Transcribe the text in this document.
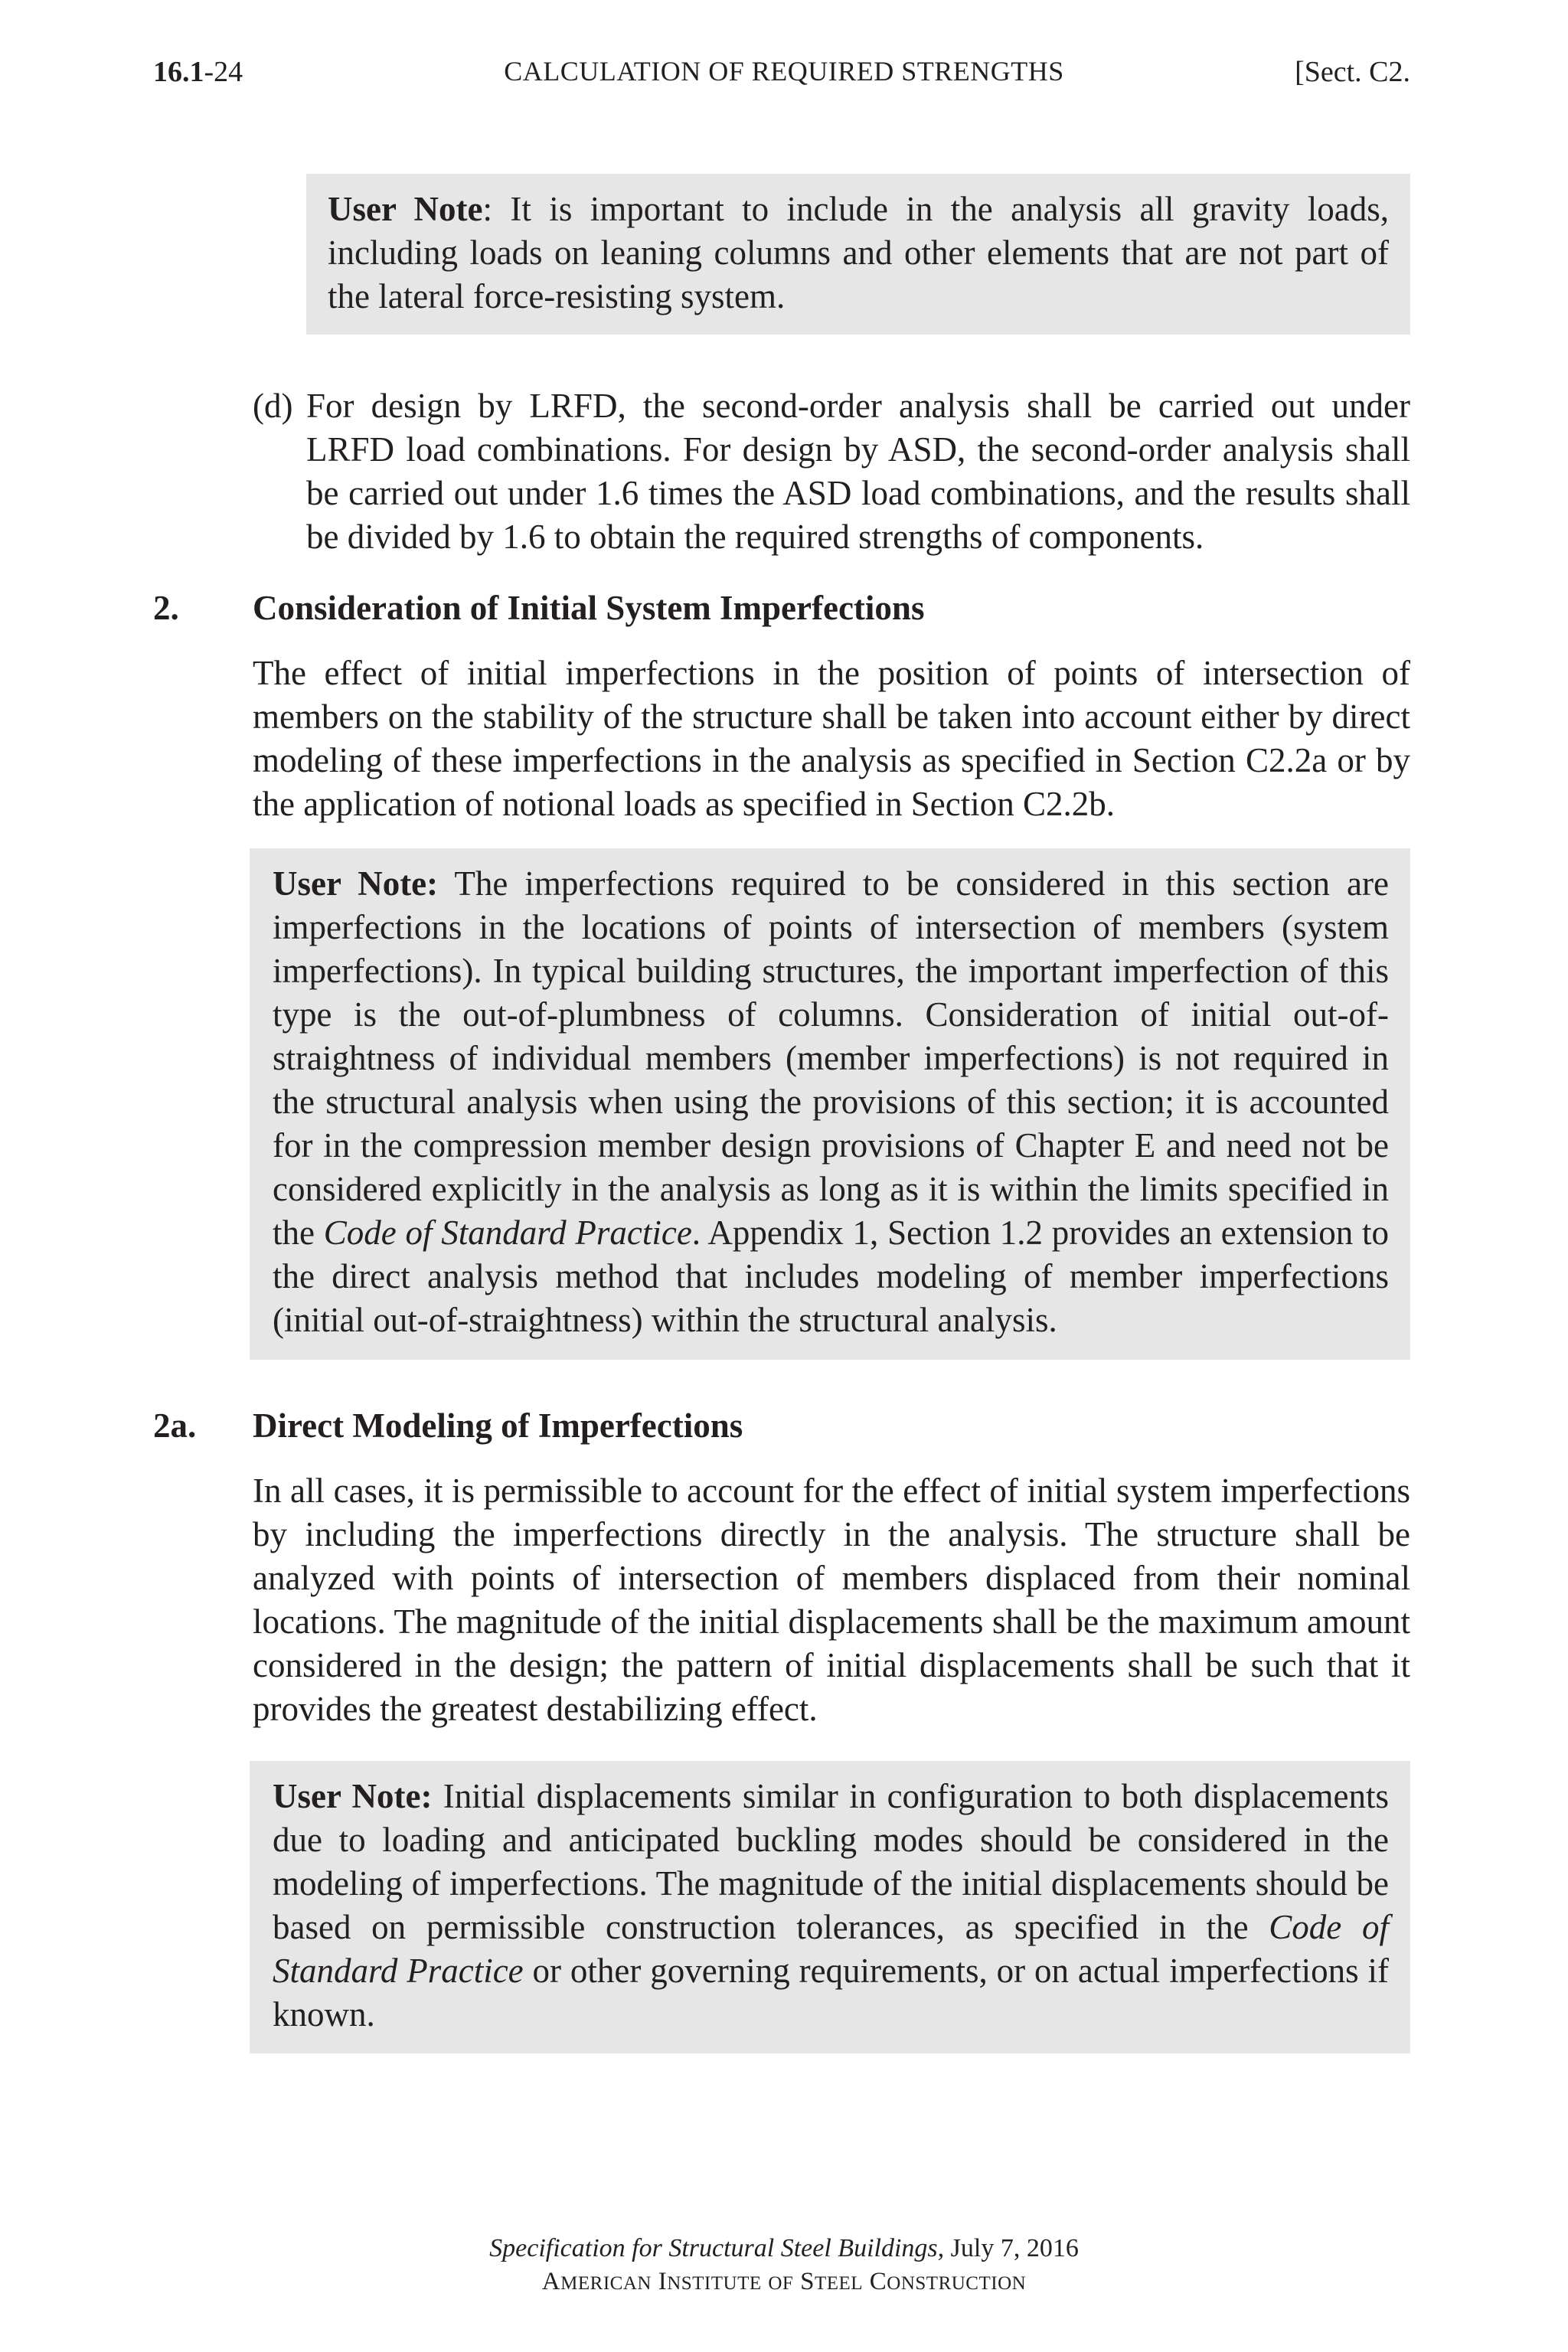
16.1-24	CALCULATION OF REQUIRED STRENGTHS	[Sect. C2.
User Note: It is important to include in the analysis all gravity loads, including loads on leaning columns and other elements that are not part of the lateral force-resisting system.
(d) For design by LRFD, the second-order analysis shall be carried out under LRFD load combinations. For design by ASD, the second-order analysis shall be carried out under 1.6 times the ASD load combinations, and the results shall be divided by 1.6 to obtain the required strengths of components.
2. Consideration of Initial System Imperfections
The effect of initial imperfections in the position of points of intersection of members on the stability of the structure shall be taken into account either by direct modeling of these imperfections in the analysis as specified in Section C2.2a or by the application of notional loads as specified in Section C2.2b.
User Note: The imperfections required to be considered in this section are imperfections in the locations of points of intersection of members (system imperfections). In typical building structures, the important imperfection of this type is the out-of-plumbness of columns. Consideration of initial out-of-straightness of individual members (member imperfections) is not required in the structural analysis when using the provisions of this section; it is accounted for in the compression member design provisions of Chapter E and need not be considered explicitly in the analysis as long as it is within the limits specified in the Code of Standard Practice. Appendix 1, Section 1.2 provides an extension to the direct analysis method that includes modeling of member imperfections (initial out-of-straightness) within the structural analysis.
2a. Direct Modeling of Imperfections
In all cases, it is permissible to account for the effect of initial system imperfections by including the imperfections directly in the analysis. The structure shall be analyzed with points of intersection of members displaced from their nominal locations. The magnitude of the initial displacements shall be the maximum amount considered in the design; the pattern of initial displacements shall be such that it provides the greatest destabilizing effect.
User Note: Initial displacements similar in configuration to both displacements due to loading and anticipated buckling modes should be considered in the modeling of imperfections. The magnitude of the initial displacements should be based on permissible construction tolerances, as specified in the Code of Standard Practice or other governing requirements, or on actual imperfections if known.
Specification for Structural Steel Buildings, July 7, 2016
AMERICAN INSTITUTE OF STEEL CONSTRUCTION
